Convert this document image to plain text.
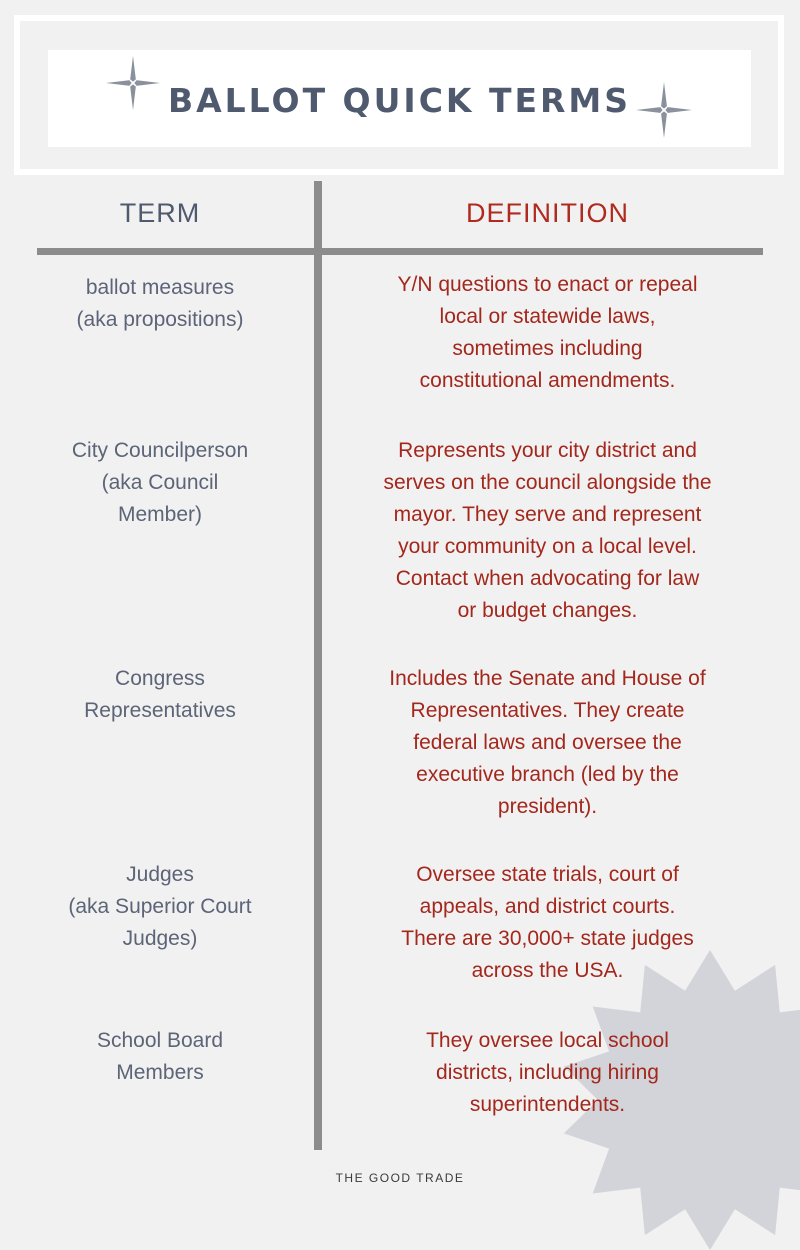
BALLOT QUICK TERMS
TERM	DEFINITION
ballot measures
(aka propositions)
Y/N questions to enact or repeal
local or statewide laws,
sometimes including
constitutional amendments.
City Councilperson
(aka Council
Member)
Represents your city district and
serves on the council alongside the
mayor. They serve and represent
your community on a local level.
Contact when advocating for law
or budget changes.
Congress
Representatives
Includes the Senate and House of
Representatives. They create
federal laws and oversee the
executive branch (led by the
president).
Judges
(aka Superior Court
Judges)
Oversee state trials, court of
appeals, and district courts.
There are 30,000+ state judges
across the USA.
School Board
Members
They oversee local school
districts, including hiring
superintendents.
THE GOOD TRADE
